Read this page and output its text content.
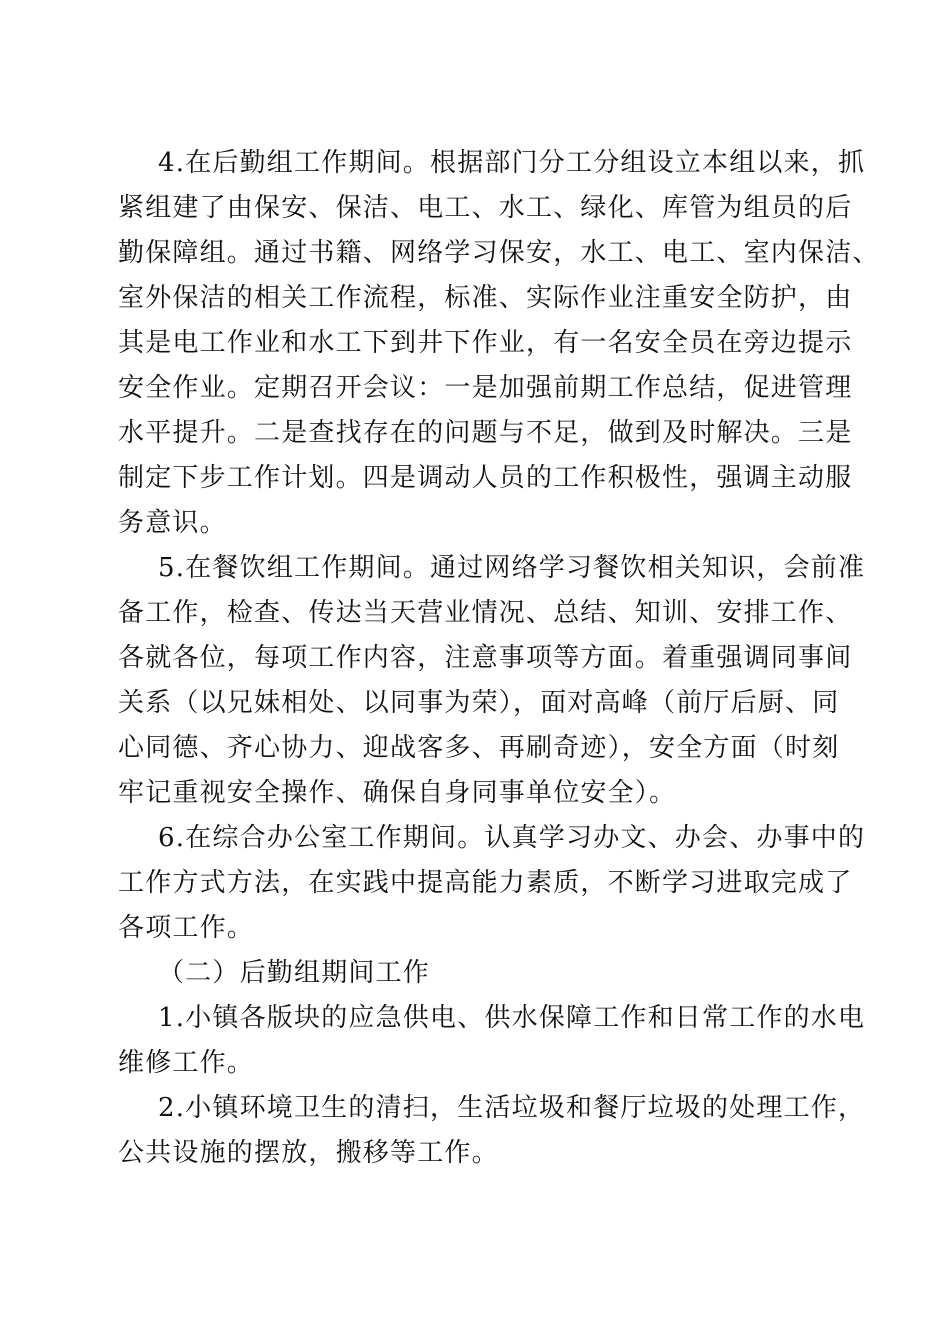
4.在后勤组工作期间。根据部门分工分组设立本组以来，抓
紧组建了由保安、保洁、电工、水工、绿化、库管为组员的后
勤保障组。通过书籍、网络学习保安，水工、电工、室内保洁、
室外保洁的相关工作流程，标准、实际作业注重安全防护，由
其是电工作业和水工下到井下作业，有一名安全员在旁边提示
安全作业。定期召开会议：一是加强前期工作总结，促进管理
水平提升。二是查找存在的问题与不足，做到及时解决。三是
制定下步工作计划。四是调动人员的工作积极性，强调主动服
务意识。
5.在餐饮组工作期间。通过网络学习餐饮相关知识，会前准
备工作，检查、传达当天营业情况、总结、知训、安排工作、
各就各位，每项工作内容，注意事项等方面。着重强调同事间
关系（以兄妹相处、以同事为荣），面对高峰（前厅后厨、同
心同德、齐心协力、迎战客多、再刷奇迹），安全方面（时刻
牢记重视安全操作、确保自身同事单位安全）。
6.在综合办公室工作期间。认真学习办文、办会、办事中的
工作方式方法，在实践中提高能力素质，不断学习进取完成了
各项工作。
（二）后勤组期间工作
1.小镇各版块的应急供电、供水保障工作和日常工作的水电
维修工作。
2.小镇环境卫生的清扫，生活垃圾和餐厅垃圾的处理工作，
公共设施的摆放，搬移等工作。
